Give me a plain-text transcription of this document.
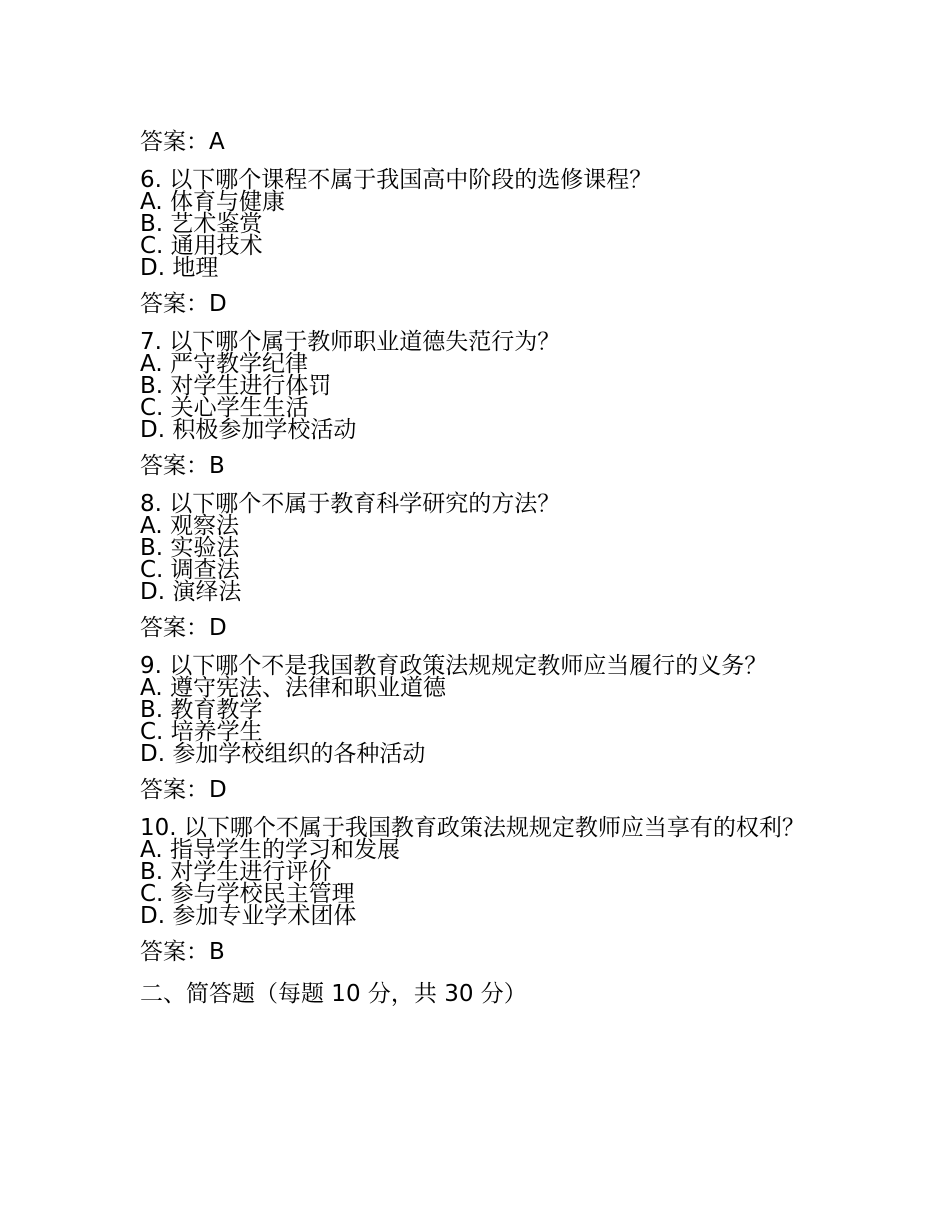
答案：A
6. 以下哪个课程不属于我国高中阶段的选修课程？
A. 体育与健康
B. 艺术鉴赏
C. 通用技术
D. 地理
答案：D
7. 以下哪个属于教师职业道德失范行为？
A. 严守教学纪律
B. 对学生进行体罚
C. 关心学生生活
D. 积极参加学校活动
答案：B
8. 以下哪个不属于教育科学研究的方法？
A. 观察法
B. 实验法
C. 调查法
D. 演绎法
答案：D
9. 以下哪个不是我国教育政策法规规定教师应当履行的义务？
A. 遵守宪法、法律和职业道德
B. 教育教学
C. 培养学生
D. 参加学校组织的各种活动
答案：D
10. 以下哪个不属于我国教育政策法规规定教师应当享有的权利？
A. 指导学生的学习和发展
B. 对学生进行评价
C. 参与学校民主管理
D. 参加专业学术团体
答案：B
二、简答题（每题 10 分，共 30 分）
